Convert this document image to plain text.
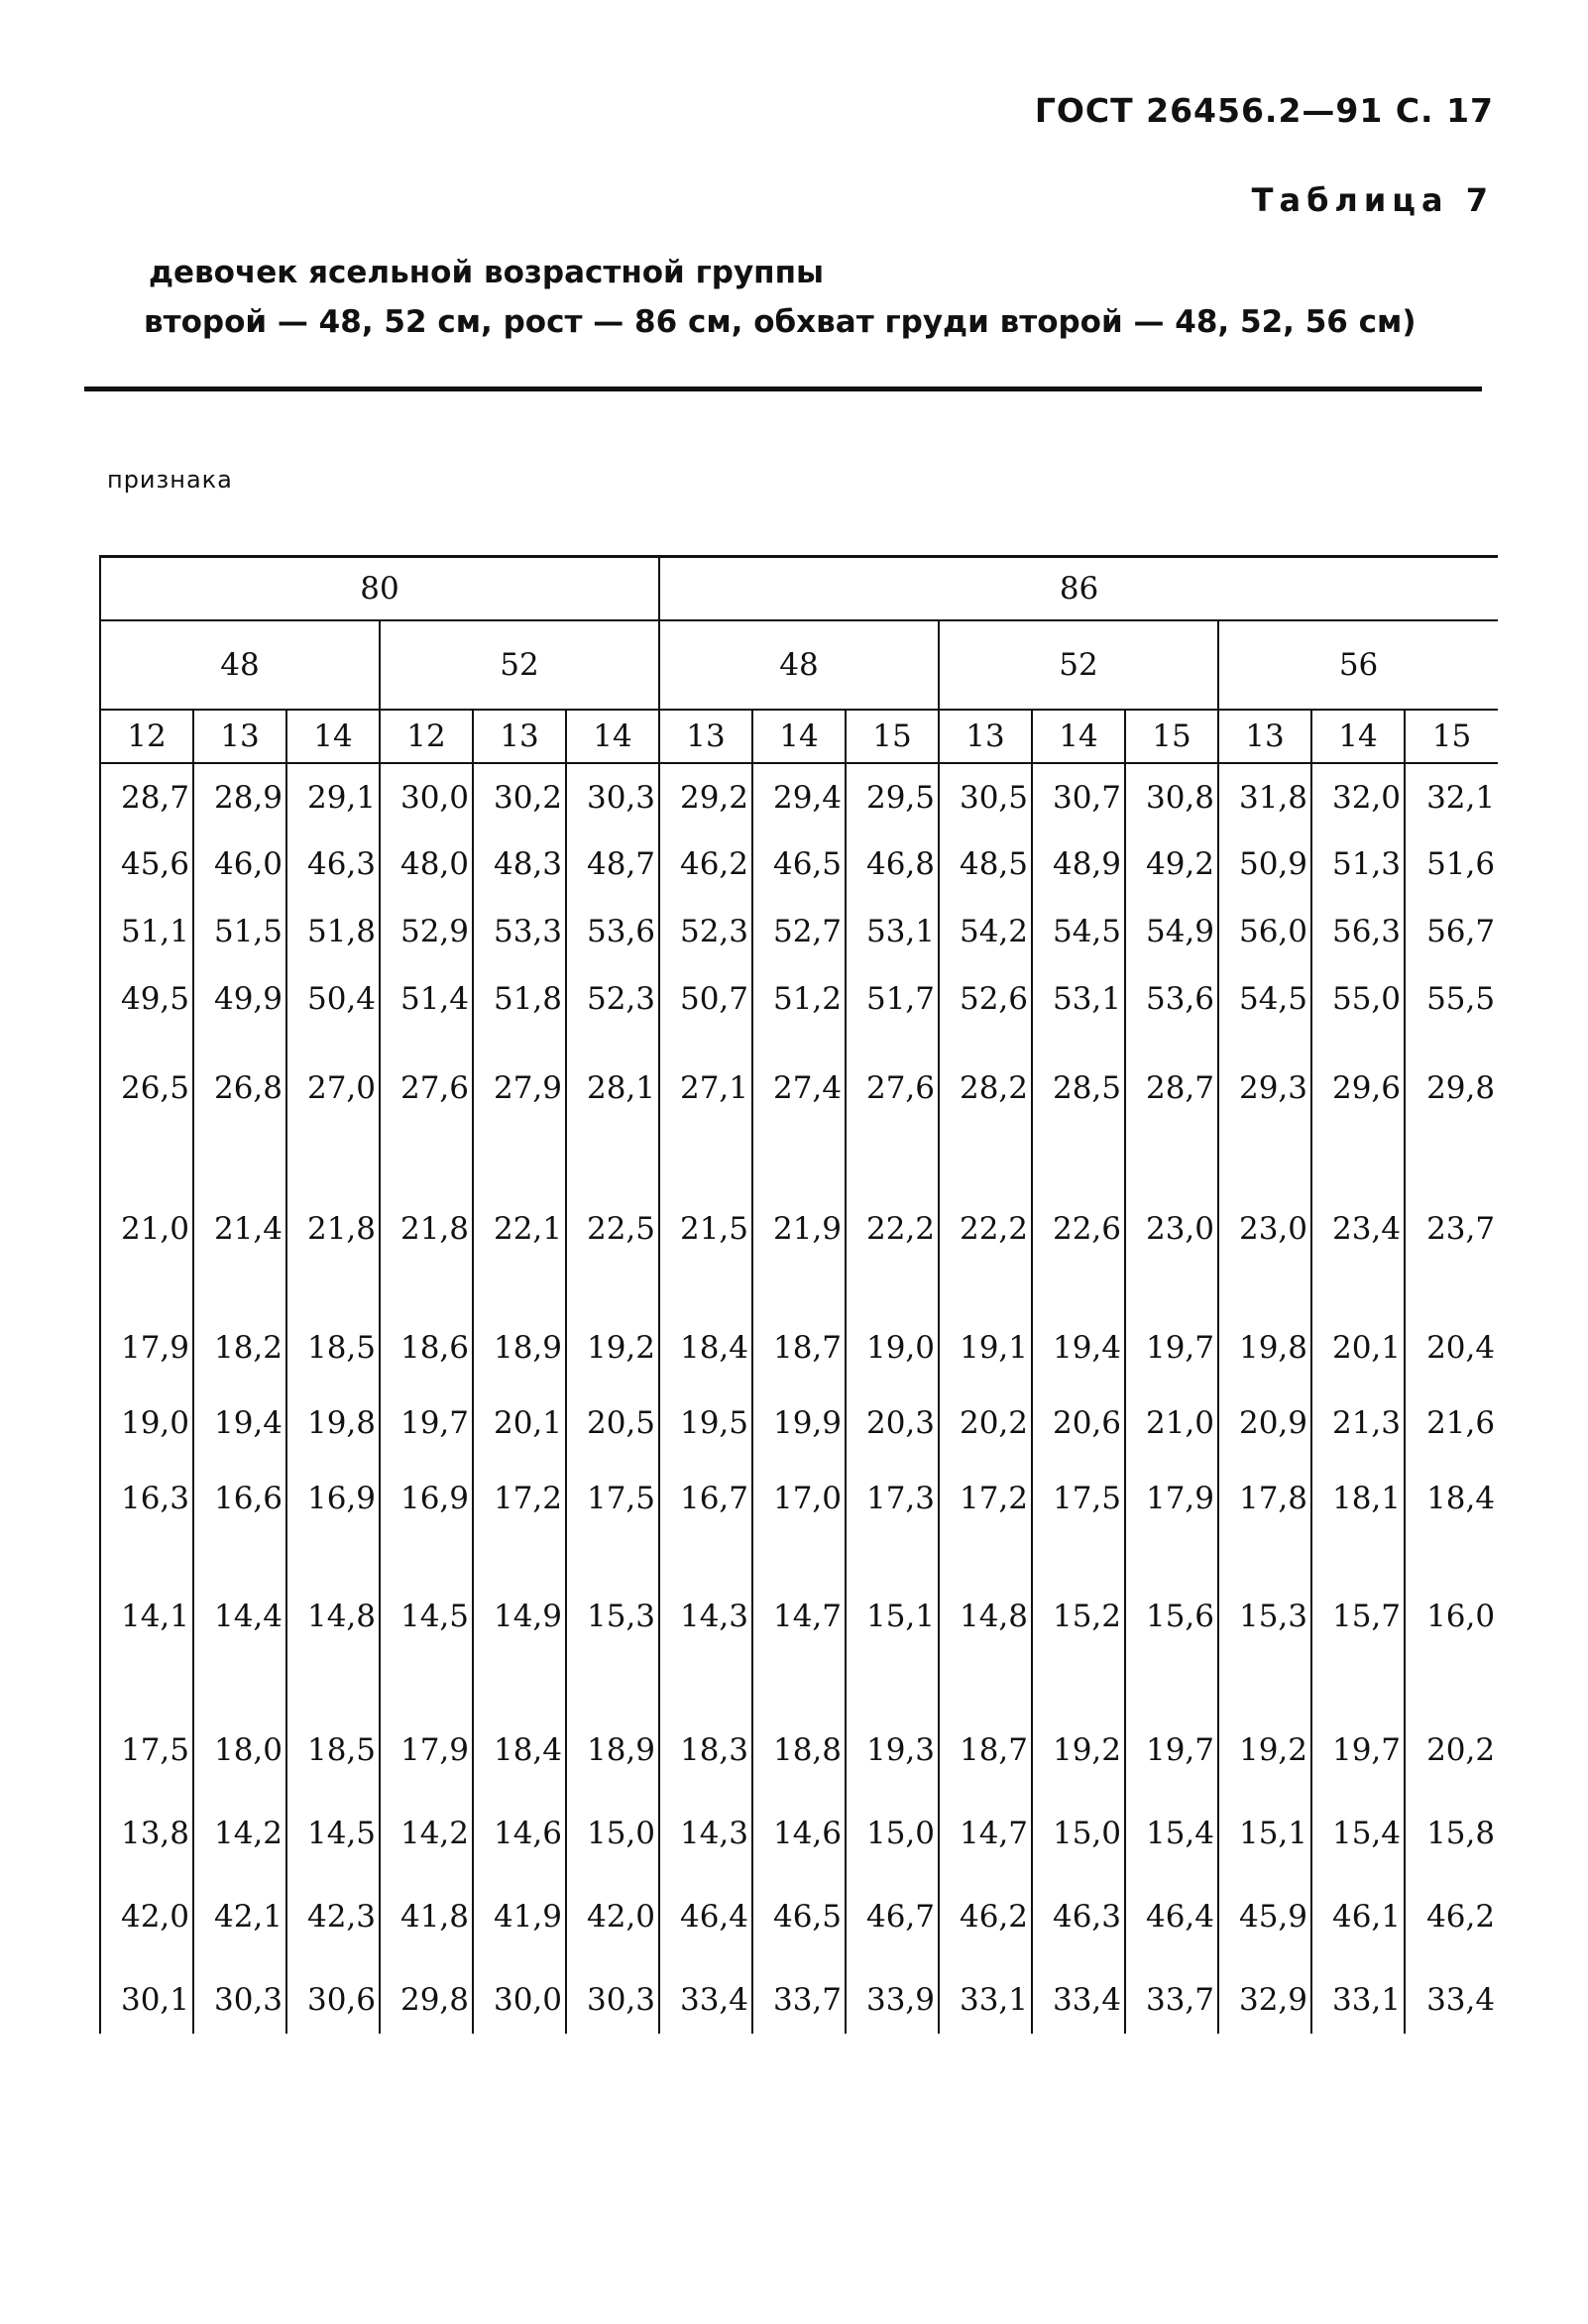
ГОСТ 26456.2—91 С. 17
Таблица 7
девочек ясельной возрастной группы
второй — 48, 52 см, рост — 86 см, обхват груди второй — 48, 52, 56 см)
признака
80						86								
48			52			48			52			56		
12	13	14	12	13	14	13	14	15	13	14	15	13	14	15
28,7	28,9	29,1	30,0	30,2	30,3	29,2	29,4	29,5	30,5	30,7	30,8	31,8	32,0	32,1
45,6	46,0	46,3	48,0	48,3	48,7	46,2	46,5	46,8	48,5	48,9	49,2	50,9	51,3	51,6
51,1	51,5	51,8	52,9	53,3	53,6	52,3	52,7	53,1	54,2	54,5	54,9	56,0	56,3	56,7
49,5	49,9	50,4	51,4	51,8	52,3	50,7	51,2	51,7	52,6	53,1	53,6	54,5	55,0	55,5
26,5	26,8	27,0	27,6	27,9	28,1	27,1	27,4	27,6	28,2	28,5	28,7	29,3	29,6	29,8
21,0	21,4	21,8	21,8	22,1	22,5	21,5	21,9	22,2	22,2	22,6	23,0	23,0	23,4	23,7
17,9	18,2	18,5	18,6	18,9	19,2	18,4	18,7	19,0	19,1	19,4	19,7	19,8	20,1	20,4
19,0	19,4	19,8	19,7	20,1	20,5	19,5	19,9	20,3	20,2	20,6	21,0	20,9	21,3	21,6
16,3	16,6	16,9	16,9	17,2	17,5	16,7	17,0	17,3	17,2	17,5	17,9	17,8	18,1	18,4
14,1	14,4	14,8	14,5	14,9	15,3	14,3	14,7	15,1	14,8	15,2	15,6	15,3	15,7	16,0
17,5	18,0	18,5	17,9	18,4	18,9	18,3	18,8	19,3	18,7	19,2	19,7	19,2	19,7	20,2
13,8	14,2	14,5	14,2	14,6	15,0	14,3	14,6	15,0	14,7	15,0	15,4	15,1	15,4	15,8
42,0	42,1	42,3	41,8	41,9	42,0	46,4	46,5	46,7	46,2	46,3	46,4	45,9	46,1	46,2
30,1	30,3	30,6	29,8	30,0	30,3	33,4	33,7	33,9	33,1	33,4	33,7	32,9	33,1	33,4
